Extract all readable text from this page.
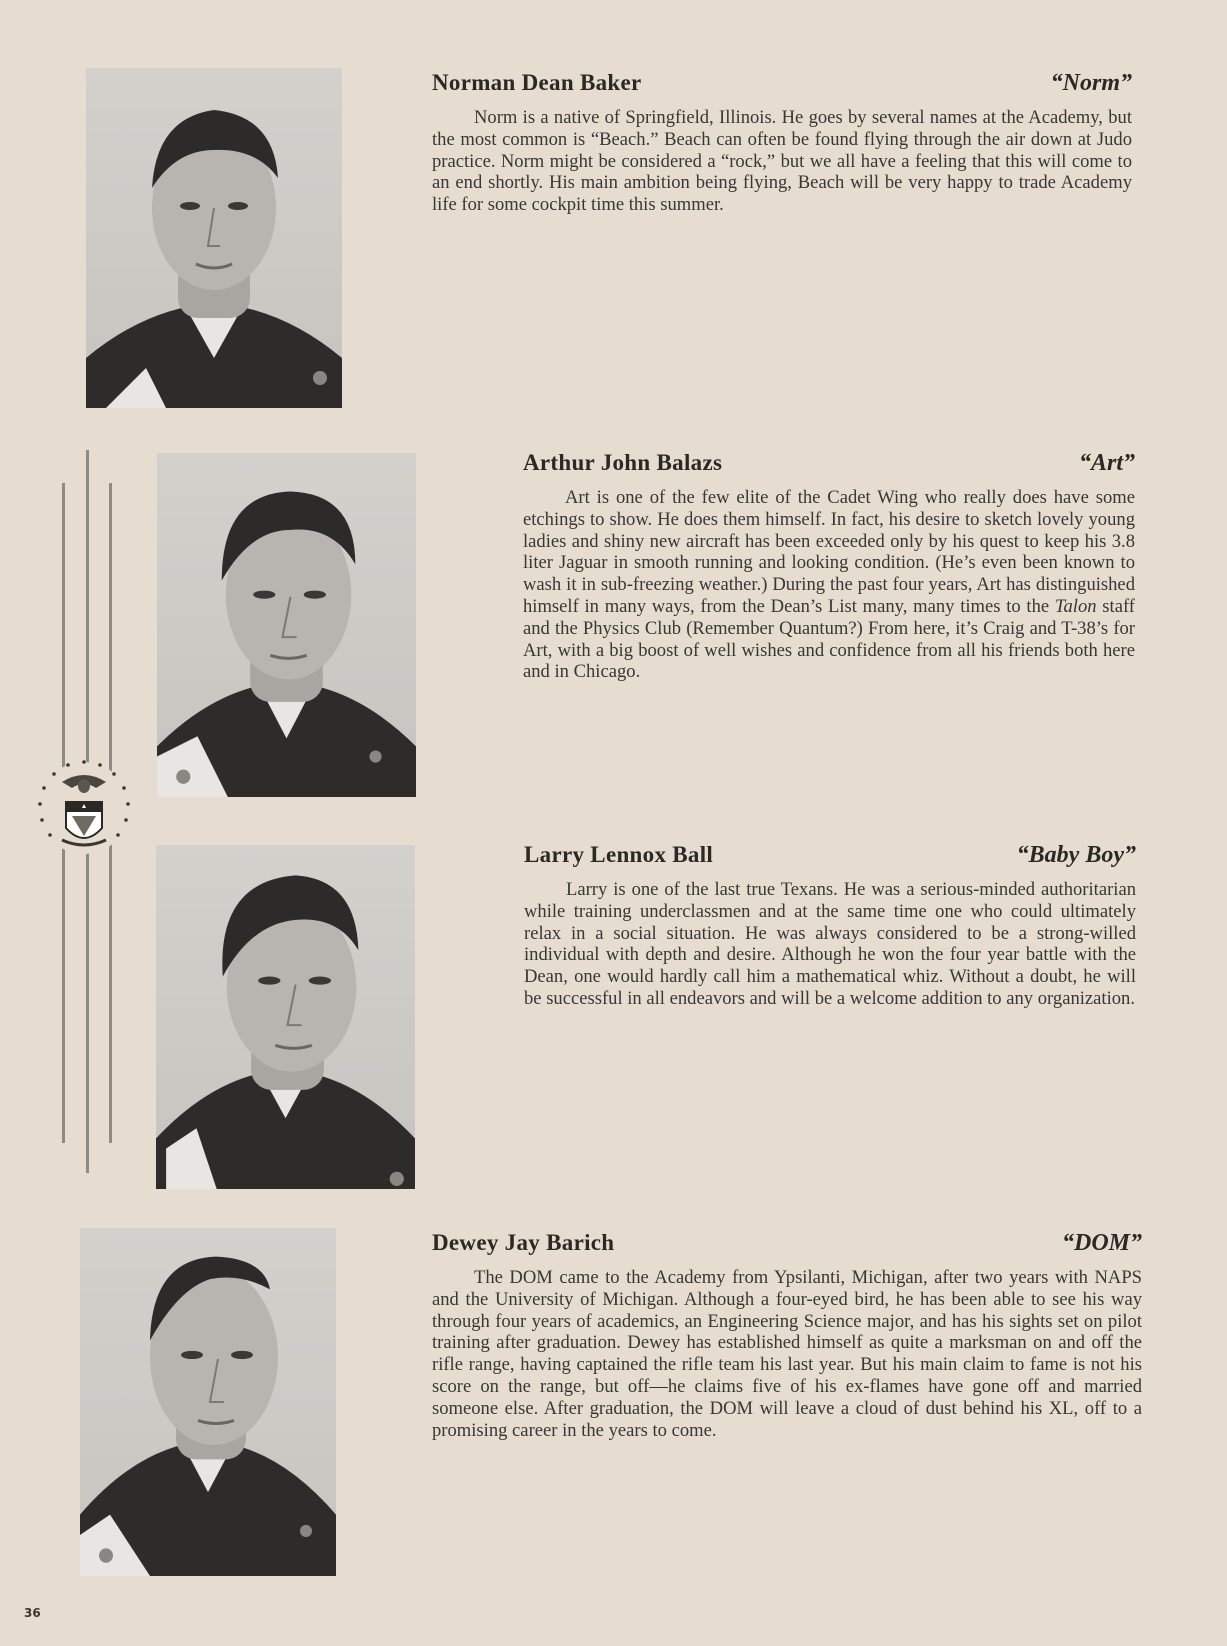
Norman Dean Baker	“Norm”

Norm is a native of Springfield, Illinois. He goes by several names at the Academy, but the most common is “Beach.” Beach can often be found flying through the air down at Judo practice. Norm might be considered a “rock,” but we all have a feeling that this will come to an end shortly. His main ambition being flying, Beach will be very happy to trade Academy life for some cockpit time this summer.

Arthur John Balazs	“Art”

Art is one of the few elite of the Cadet Wing who really does have some etchings to show. He does them himself. In fact, his desire to sketch lovely young ladies and shiny new aircraft has been exceeded only by his quest to keep his 3.8 liter Jaguar in smooth running and looking condition. (He’s even been known to wash it in sub-freezing weather.) During the past four years, Art has distinguished himself in many ways, from the Dean’s List many, many times to the Talon staff and the Physics Club (Remember Quantum?) From here, it’s Craig and T-38’s for Art, with a big boost of well wishes and confidence from all his friends both here and in Chicago.

Larry Lennox Ball	“Baby Boy”

Larry is one of the last true Texans. He was a serious-minded authoritarian while training underclassmen and at the same time one who could ultimately relax in a social situation. He was always considered to be a strong-willed individual with depth and desire. Although he won the four year battle with the Dean, one would hardly call him a mathematical whiz. Without a doubt, he will be successful in all endeavors and will be a welcome addition to any organization.

Dewey Jay Barich	“DOM”

The DOM came to the Academy from Ypsilanti, Michigan, after two years with NAPS and the University of Michigan. Although a four-eyed bird, he has been able to see his way through four years of academics, an Engineering Science major, and has his sights set on pilot training after graduation. Dewey has established himself as quite a marksman on and off the rifle range, having captained the rifle team his last year. But his main claim to fame is not his score on the range, but off—he claims five of his ex-flames have gone off and married someone else. After graduation, the DOM will leave a cloud of dust behind his XL, off to a promising career in the years to come.

36
